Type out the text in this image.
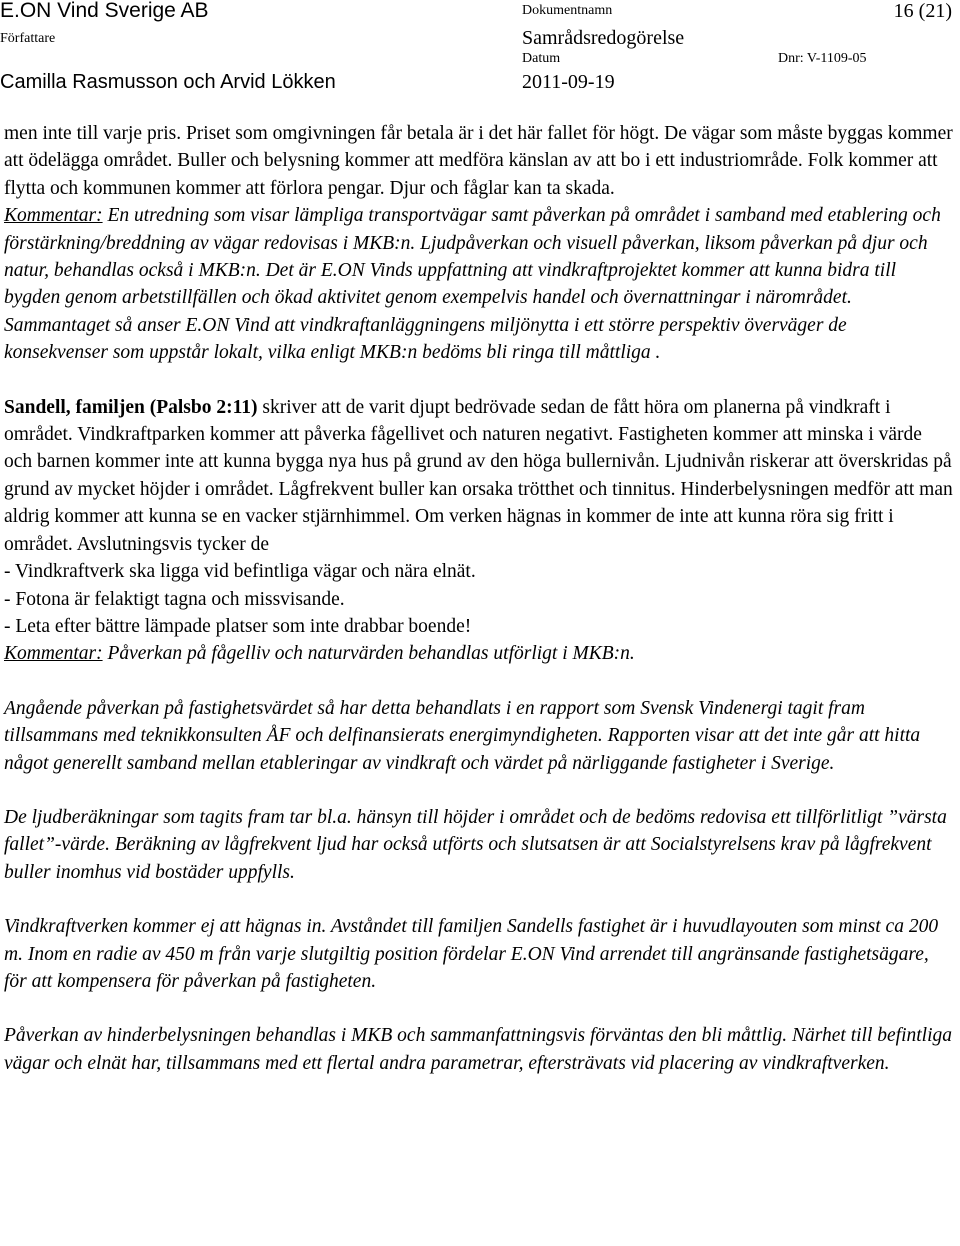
E.ON Vind Sverige AB	Dokumentnamn	16 (21)
Författare	Samrådsredogörelse
Datum	Dnr: V-1109-05
Camilla Rasmusson och Arvid Lökken	2011-09-19

men inte till varje pris. Priset som omgivningen får betala är i det här fallet för högt. De vägar som måste byggas kommer att ödelägga området. Buller och belysning kommer att medföra känslan av att bo i ett industriområde. Folk kommer att flytta och kommunen kommer att förlora pengar. Djur och fåglar kan ta skada.

Kommentar: En utredning som visar lämpliga transportvägar samt påverkan på området i samband med etablering och förstärkning/breddning av vägar redovisas i MKB:n. Ljudpåverkan och visuell påverkan, liksom påverkan på djur och natur, behandlas också i MKB:n. Det är E.ON Vinds uppfattning att vindkraftprojektet kommer att kunna bidra till bygden genom arbetstillfällen och ökad aktivitet genom exempelvis handel och övernattningar i närområdet. Sammantaget så anser E.ON Vind att vindkraftanläggningens miljönytta i ett större perspektiv överväger de konsekvenser som uppstår lokalt, vilka enligt MKB:n bedöms bli ringa till måttliga .

Sandell, familjen (Palsbo 2:11) skriver att de varit djupt bedrövade sedan de fått höra om planerna på vindkraft i området. Vindkraftparken kommer att påverka fågellivet och naturen negativt. Fastigheten kommer att minska i värde och barnen kommer inte att kunna bygga nya hus på grund av den höga bullernivån. Ljudnivån riskerar att överskridas på grund av mycket höjder i området. Lågfrekvent buller kan orsaka trötthet och tinnitus. Hinderbelysningen medför att man aldrig kommer att kunna se en vacker stjärnhimmel. Om verken hägnas in kommer de inte att kunna röra sig fritt i området. Avslutningsvis tycker de

- Vindkraftverk ska ligga vid befintliga vägar och nära elnät.

- Fotona är felaktigt tagna och missvisande.

- Leta efter bättre lämpade platser som inte drabbar boende!

Kommentar: Påverkan på fågelliv och naturvärden behandlas utförligt i MKB:n.

Angående påverkan på fastighetsvärdet så har detta behandlats i en rapport som Svensk Vindenergi tagit fram tillsammans med teknikkonsulten ÅF och delfinansierats energimyndigheten. Rapporten visar att det inte går att hitta något generellt samband mellan etableringar av vindkraft och värdet på närliggande fastigheter i Sverige.

De ljudberäkningar som tagits fram tar bl.a. hänsyn till höjder i området och de bedöms redovisa ett tillförlitligt ”värsta fallet”-värde. Beräkning av lågfrekvent ljud har också utförts och slutsatsen är att Socialstyrelsens krav på lågfrekvent buller inomhus vid bostäder uppfylls.

Vindkraftverken kommer ej att hägnas in. Avståndet till familjen Sandells fastighet är i huvudlayouten som minst ca 200 m. Inom en radie av 450 m från varje slutgiltig position fördelar E.ON Vind arrendet till angränsande fastighetsägare, för att kompensera för påverkan på fastigheten.

Påverkan av hinderbelysningen behandlas i MKB och sammanfattningsvis förväntas den bli måttlig. Närhet till befintliga vägar och elnät har, tillsammans med ett flertal andra parametrar, eftersträvats vid placering av vindkraftverken.
